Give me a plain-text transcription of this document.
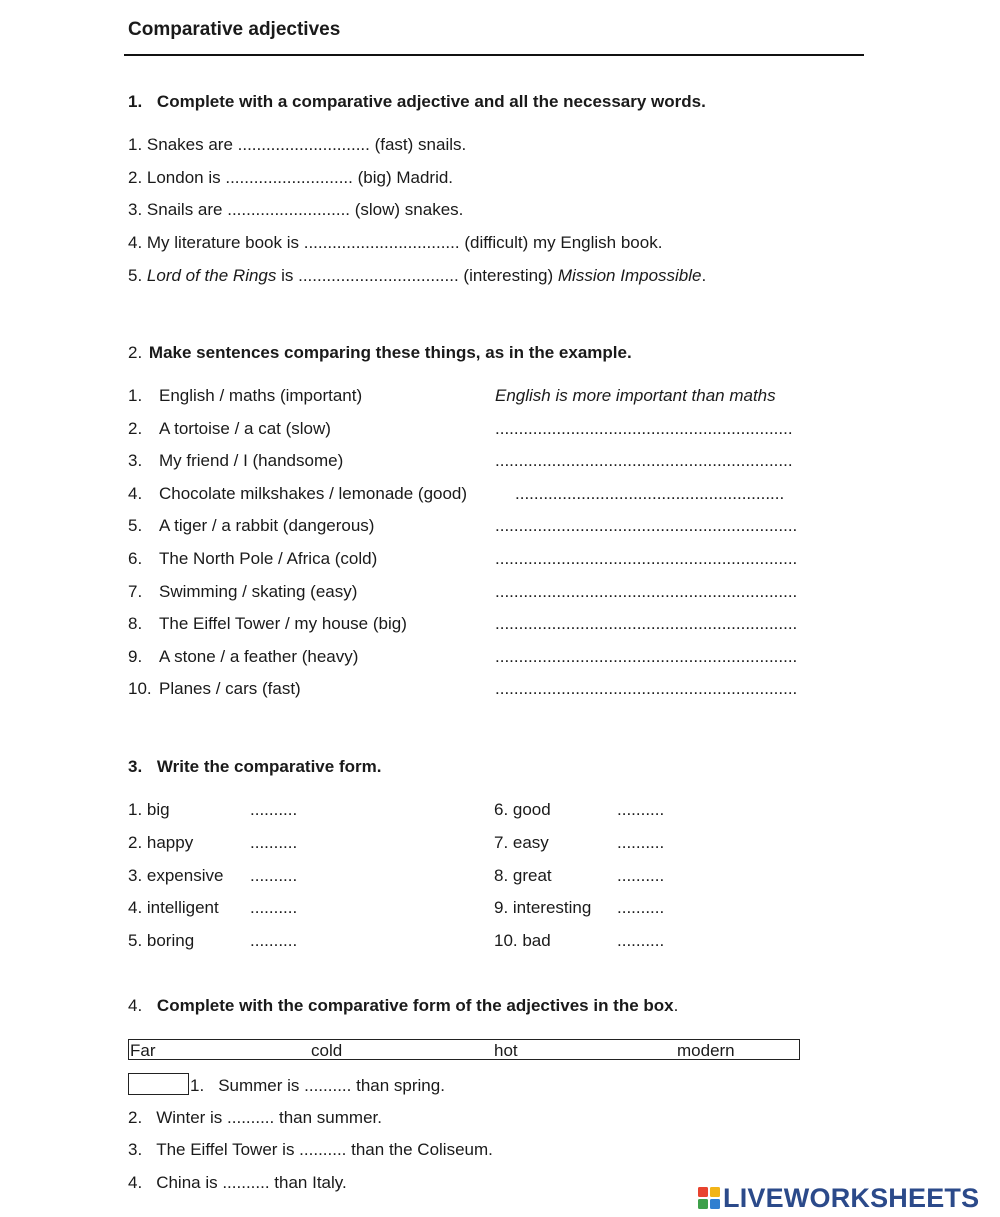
Comparative adjectives
1. Complete with a comparative adjective and all the necessary words.
1. Snakes are ............................ (fast) snails.
2. London is ........................... (big) Madrid.
3. Snails are .......................... (slow) snakes.
4. My literature book is ................................. (difficult) my English book.
5. Lord of the Rings is .................................. (interesting) Mission Impossible.
2. Make sentences comparing these things, as in the example.
1. English / maths (important)	English is more important than maths
2. A tortoise / a cat (slow)	...............................................................
3. My friend / I (handsome)	...............................................................
4. Chocolate milkshakes / lemonade (good)	.........................................................
5. A tiger / a rabbit (dangerous)	................................................................
6. The North Pole / Africa (cold)	................................................................
7. Swimming / skating (easy)	................................................................
8. The Eiffel Tower / my house (big)	................................................................
9. A stone / a feather (heavy)	................................................................
10. Planes / cars (fast)	................................................................
3. Write the comparative form.
1. big	..........
2. happy	..........
3. expensive ..........
4. intelligent ..........
5. boring	..........
6. good	..........
7. easy	..........
8. great	..........
9. interesting ..........
10. bad	..........
4. Complete with the comparative form of the adjectives in the box.
Far	cold	hot	modern
1. Summer is .......... than spring.
2. Winter is .......... than summer.
3. The Eiffel Tower is .......... than the Coliseum.
4. China is .......... than Italy.
LIVEWORKSHEETS
